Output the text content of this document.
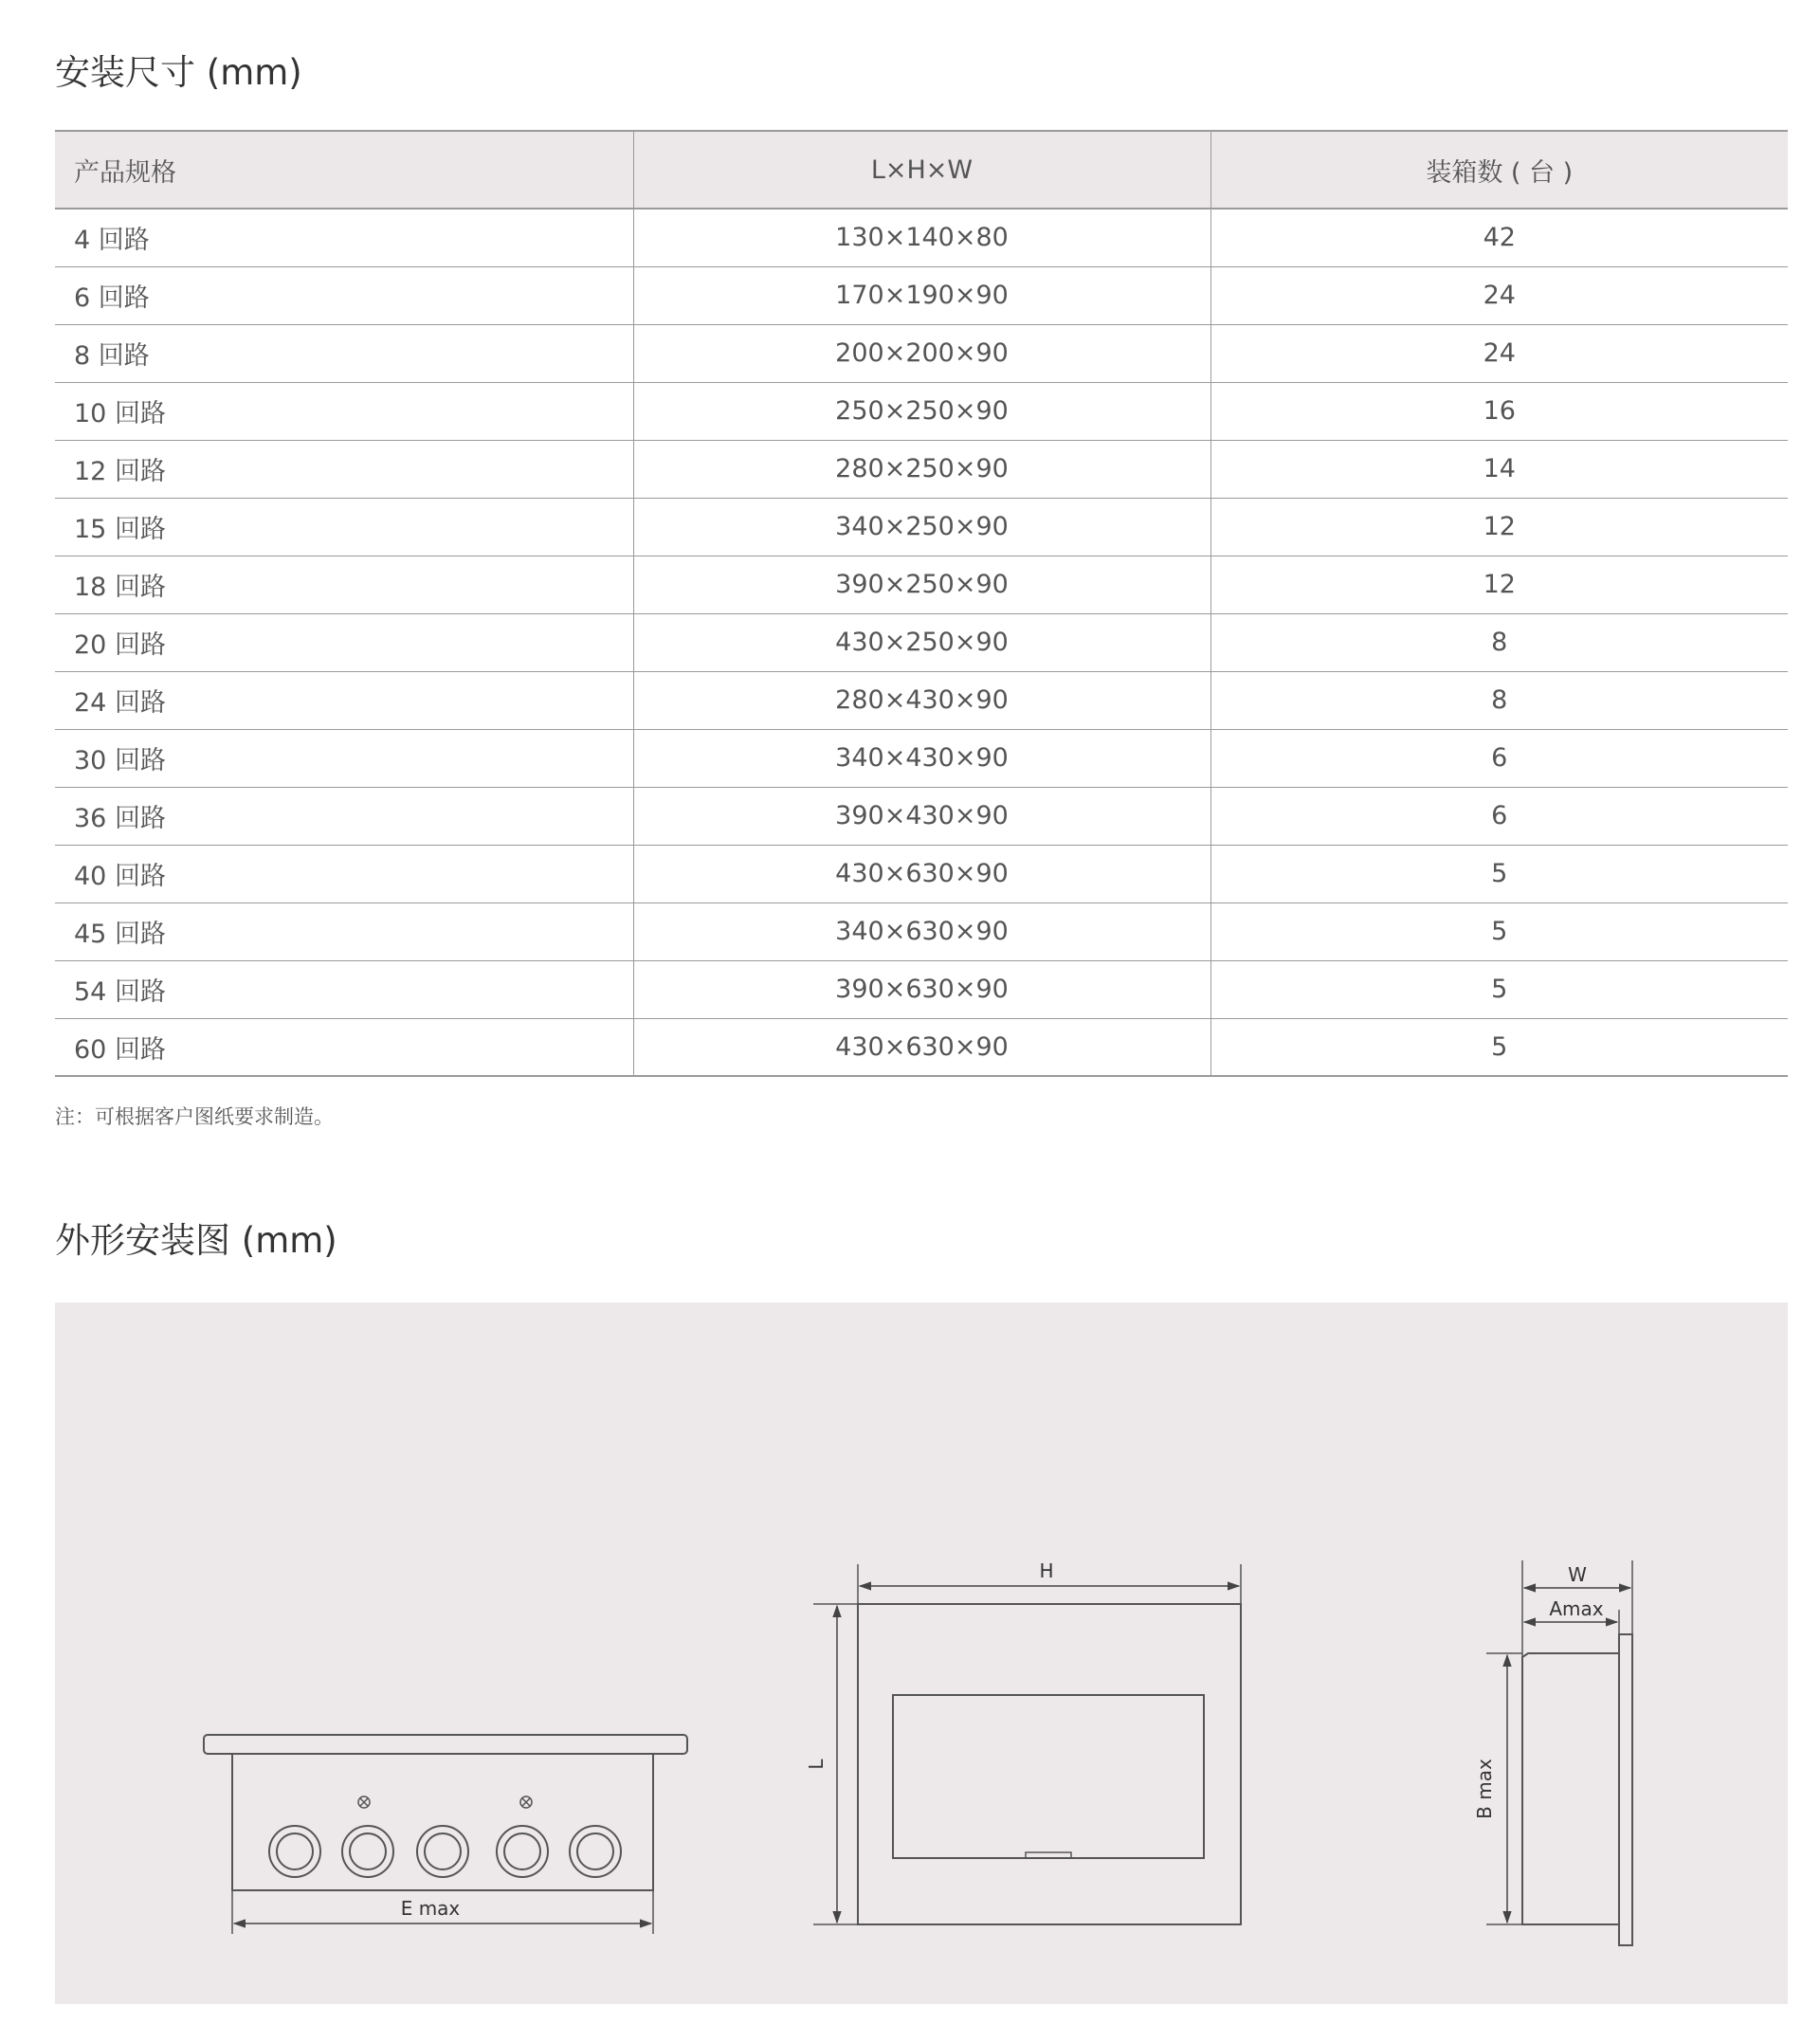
安装尺寸 (mm)
产品规格	L×H×W	装箱数 ( 台 )
4 回路	130×140×80	42
6 回路	170×190×90	24
8 回路	200×200×90	24
10 回路	250×250×90	16
12 回路	280×250×90	14
15 回路	340×250×90	12
18 回路	390×250×90	12
20 回路	430×250×90	8
24 回路	280×430×90	8
30 回路	340×430×90	6
36 回路	390×430×90	6
40 回路	430×630×90	5
45 回路	340×630×90	5
54 回路	390×630×90	5
60 回路	430×630×90	5
注：可根据客户图纸要求制造。
外形安装图 (mm)
E max
H
L
W
Amax
B max
